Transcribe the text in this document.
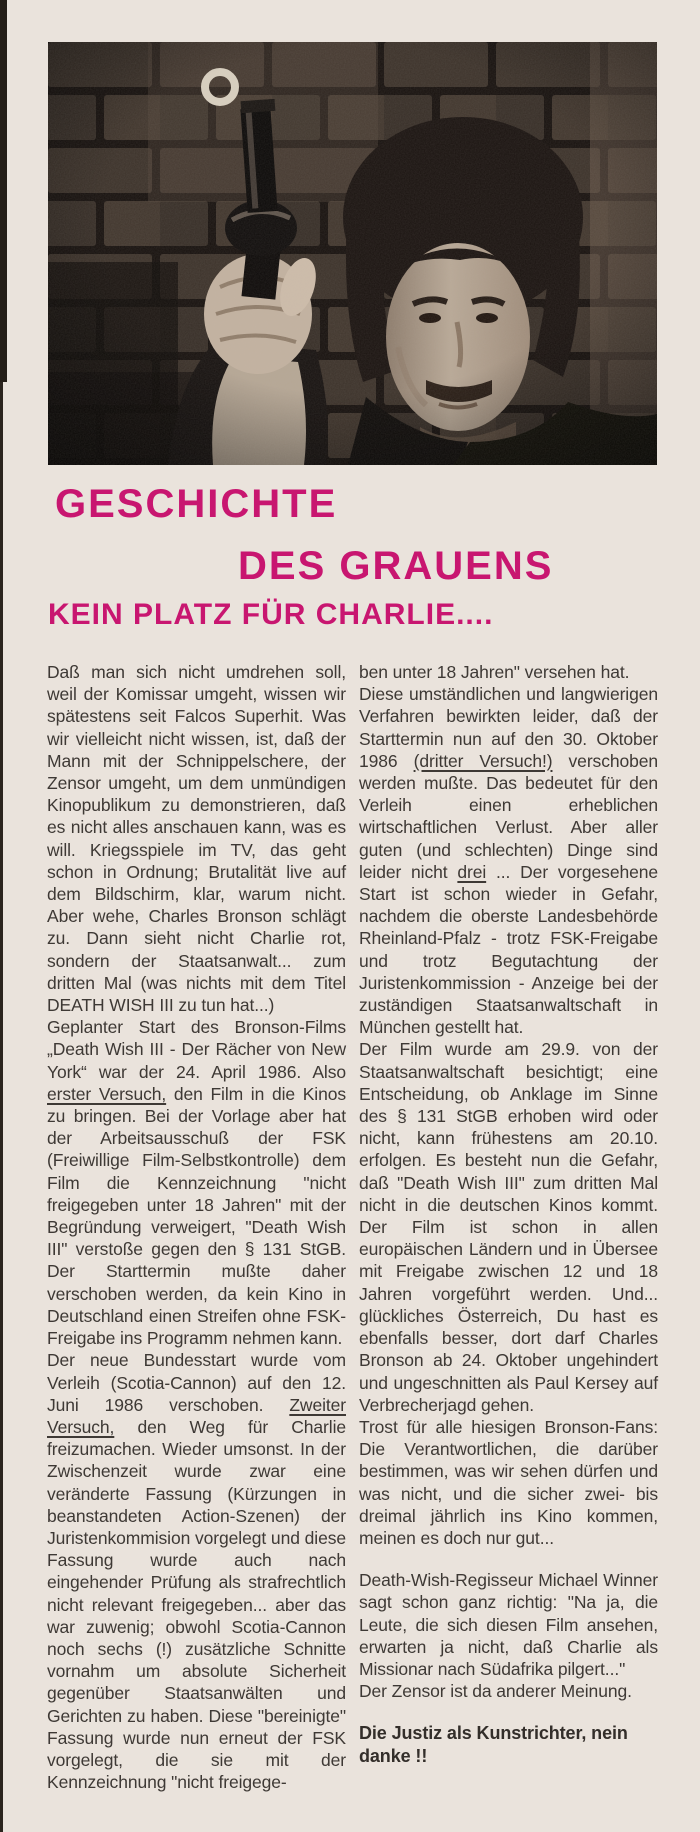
GESCHICHTE
DES GRAUENS
KEIN PLATZ FÜR CHARLIE....

Daß man sich nicht umdrehen soll, weil der Komissar umgeht, wissen wir spätestens seit Falcos Superhit. Was wir vielleicht nicht wissen, ist, daß der Mann mit der Schnippelschere, der Zensor umgeht, um dem unmündigen Kinopublikum zu demonstrieren, daß es nicht alles anschauen kann, was es will. Kriegsspiele im TV, das geht schon in Ordnung; Brutalität live auf dem Bildschirm, klar, warum nicht. Aber wehe, Charles Bronson schlägt zu. Dann sieht nicht Charlie rot, sondern der Staatsanwalt... zum dritten Mal (was nichts mit dem Titel DEATH WISH III zu tun hat...)

Geplanter Start des Bronson-Films „Death Wish III - Der Rächer von New York“ war der 24. April 1986. Also erster Versuch, den Film in die Kinos zu bringen. Bei der Vorlage aber hat der Arbeitsausschuß der FSK (Freiwillige Film-Selbstkontrolle) dem Film die Kennzeichnung "nicht freigegeben unter 18 Jahren" mit der Begründung verweigert, "Death Wish III" verstoße gegen den § 131 StGB. Der Starttermin mußte daher verschoben werden, da kein Kino in Deutschland einen Streifen ohne FSK-Freigabe ins Programm nehmen kann.

Der neue Bundesstart wurde vom Verleih (Scotia-Cannon) auf den 12. Juni 1986 verschoben. Zweiter Versuch, den Weg für Charlie freizumachen. Wieder umsonst. In der Zwischenzeit wurde zwar eine veränderte Fassung (Kürzungen in beanstandeten Action-Szenen) der Juristenkommision vorgelegt und diese Fassung wurde auch nach eingehender Prüfung als strafrechtlich nicht relevant freigegeben... aber das war zuwenig; obwohl Scotia-Cannon noch sechs (!) zusätzliche Schnitte vornahm um absolute Sicherheit gegenüber Staatsanwälten und Gerichten zu haben. Diese "bereinigte" Fassung wurde nun erneut der FSK vorgelegt, die sie mit der Kennzeichnung "nicht freigege-

ben unter 18 Jahren" versehen hat.

Diese umständlichen und langwierigen Verfahren bewirkten leider, daß der Starttermin nun auf den 30. Oktober 1986 (dritter Versuch!) verschoben werden mußte. Das bedeutet für den Verleih einen erheblichen wirtschaftlichen Verlust. Aber aller guten (und schlechten) Dinge sind leider nicht drei ... Der vorgesehene Start ist schon wieder in Gefahr, nachdem die oberste Landesbehörde Rheinland-Pfalz - trotz FSK-Freigabe und trotz Begutachtung der Juristenkommission - Anzeige bei der zuständigen Staatsanwaltschaft in München gestellt hat.

Der Film wurde am 29.9. von der Staatsanwaltschaft besichtigt; eine Entscheidung, ob Anklage im Sinne des § 131 StGB erhoben wird oder nicht, kann frühestens am 20.10. erfolgen. Es besteht nun die Gefahr, daß "Death Wish III" zum dritten Mal nicht in die deutschen Kinos kommt. Der Film ist schon in allen europäischen Ländern und in Übersee mit Freigabe zwischen 12 und 18 Jahren vorgeführt werden. Und... glückliches Österreich, Du hast es ebenfalls besser, dort darf Charles Bronson ab 24. Oktober ungehindert und ungeschnitten als Paul Kersey auf Verbrecherjagd gehen.

Trost für alle hiesigen Bronson-Fans: Die Verantwortlichen, die darüber bestimmen, was wir sehen dürfen und was nicht, und die sicher zwei- bis dreimal jährlich ins Kino kommen, meinen es doch nur gut...

Death-Wish-Regisseur Michael Winner sagt schon ganz richtig: "Na ja, die Leute, die sich diesen Film ansehen, erwarten ja nicht, daß Charlie als Missionar nach Südafrika pilgert..."

Der Zensor ist da anderer Meinung.

Die Justiz als Kunstrichter, nein danke !!
